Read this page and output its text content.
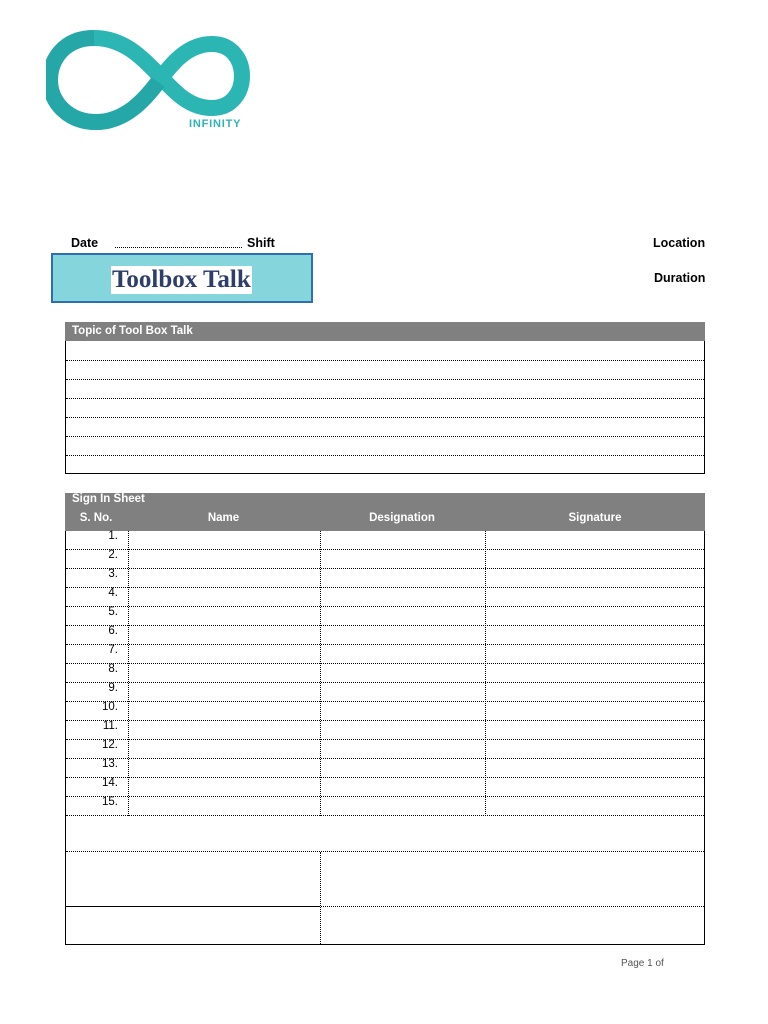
Powering
with nature
INFINITY
Date	Shift	Location
Duration
Toolbox Talk
Topic of Tool Box Talk
Sign In Sheet
S. No.	Name	Designation	Signature
1.
2.
3.
4.
5.
6.
7.
8.
9.
10.
11.
12.
13.
14.
15.
Page 1 of
